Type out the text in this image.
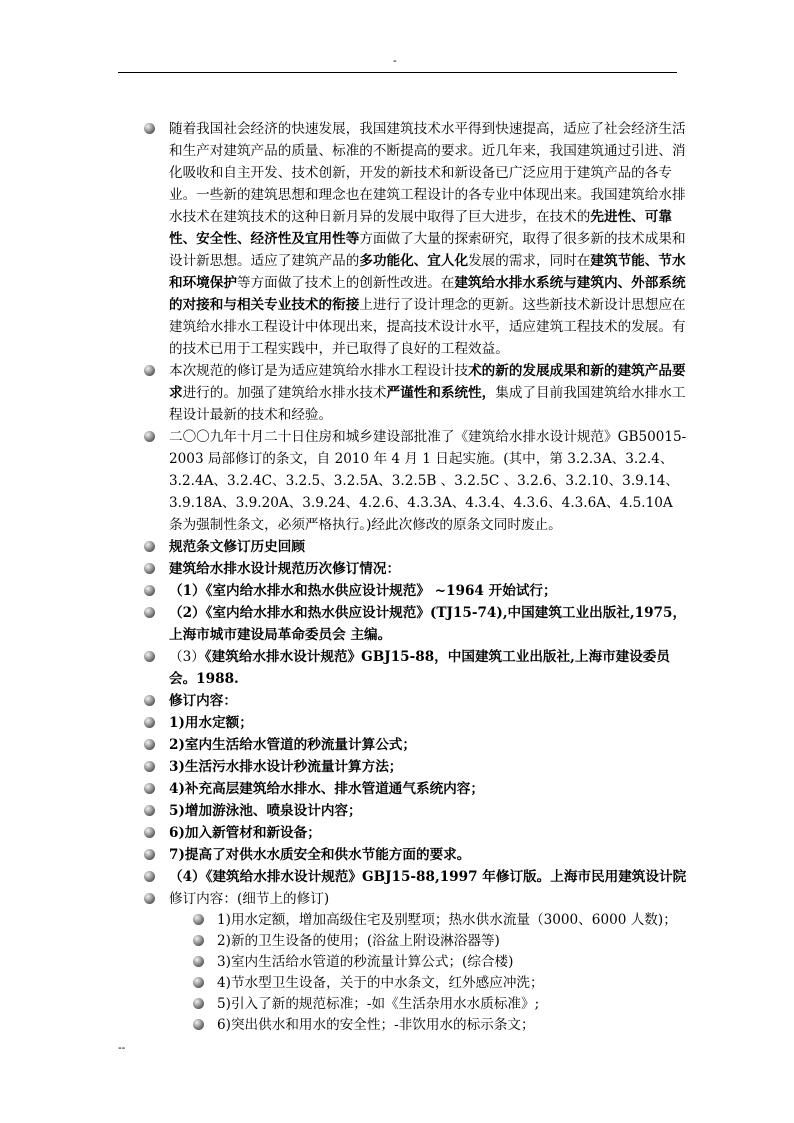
-
随着我国社会经济的快速发展，我国建筑技术水平得到快速提高，适应了社会经济生活和生产对建筑产品的质量、标准的不断提高的要求。近几年来，我国建筑通过引进、消化吸收和自主开发、技术创新，开发的新技术和新设备已广泛应用于建筑产品的各专业。一些新的建筑思想和理念也在建筑工程设计的各专业中体现出来。我国建筑给水排水技术在建筑技术的这种日新月异的发展中取得了巨大进步，在技术的先进性、可靠性、安全性、经济性及宜用性等方面做了大量的探索研究，取得了很多新的技术成果和设计新思想。适应了建筑产品的多功能化、宜人化发展的需求，同时在建筑节能、节水和环境保护等方面做了技术上的创新性改进。在建筑给水排水系统与建筑内、外部系统的对接和与相关专业技术的衔接上进行了设计理念的更新。这些新技术新设计思想应在建筑给水排水工程设计中体现出来，提高技术设计水平，适应建筑工程技术的发展。有的技术已用于工程实践中，并已取得了良好的工程效益。
本次规范的修订是为适应建筑给水排水工程设计技术的新的发展成果和新的建筑产品要求进行的。加强了建筑给水排水技术严谨性和系统性，集成了目前我国建筑给水排水工程设计最新的技术和经验。
二〇〇九年十月二十日住房和城乡建设部批准了《建筑给水排水设计规范》GB50015-2003 局部修订的条文，自 2010 年 4 月 1 日起实施。(其中，第 3.2.3A、3.2.4、3.2.4A、3.2.4C、3.2.5、3.2.5A、3.2.5B 、3.2.5C 、3.2.6、3.2.10、3.9.14、3.9.18A、3.9.20A、3.9.24、4.2.6、4.3.3A、4.3.4、4.3.6、4.3.6A、4.5.10A 条为强制性条文，必须严格执行。)经此次修改的原条文同时废止。
规范条文修订历史回顾
建筑给水排水设计规范历次修订情况：
（1）《室内给水排水和热水供应设计规范》 ~1964 开始试行；
（2）《室内给水排水和热水供应设计规范》(TJ15-74),中国建筑工业出版社,1975，上海市城市建设局革命委员会 主编。
（3）《建筑给水排水设计规范》GBJ15-88，中国建筑工业出版社,上海市建设委员会。1988.
修订内容：
1)用水定额；
2)室内生活给水管道的秒流量计算公式；
3)生活污水排水设计秒流量计算方法；
4)补充高层建筑给水排水、排水管道通气系统内容；
5)增加游泳池、喷泉设计内容；
6)加入新管材和新设备；
7)提高了对供水水质安全和供水节能方面的要求。
（4）《建筑给水排水设计规范》GBJ15-88,1997 年修订版。上海市民用建筑设计院
修订内容：(细节上的修订)
1)用水定额，增加高级住宅及别墅项；热水供水流量（3000、6000 人数)；
2)新的卫生设备的使用；(浴盆上附设淋浴器等)
3)室内生活给水管道的秒流量计算公式；(综合楼)
4)节水型卫生设备，关于的中水条文，红外感应冲洗；
5)引入了新的规范标准；-如《生活杂用水水质标准》;
6)突出供水和用水的安全性；-非饮用水的标示条文；
--
